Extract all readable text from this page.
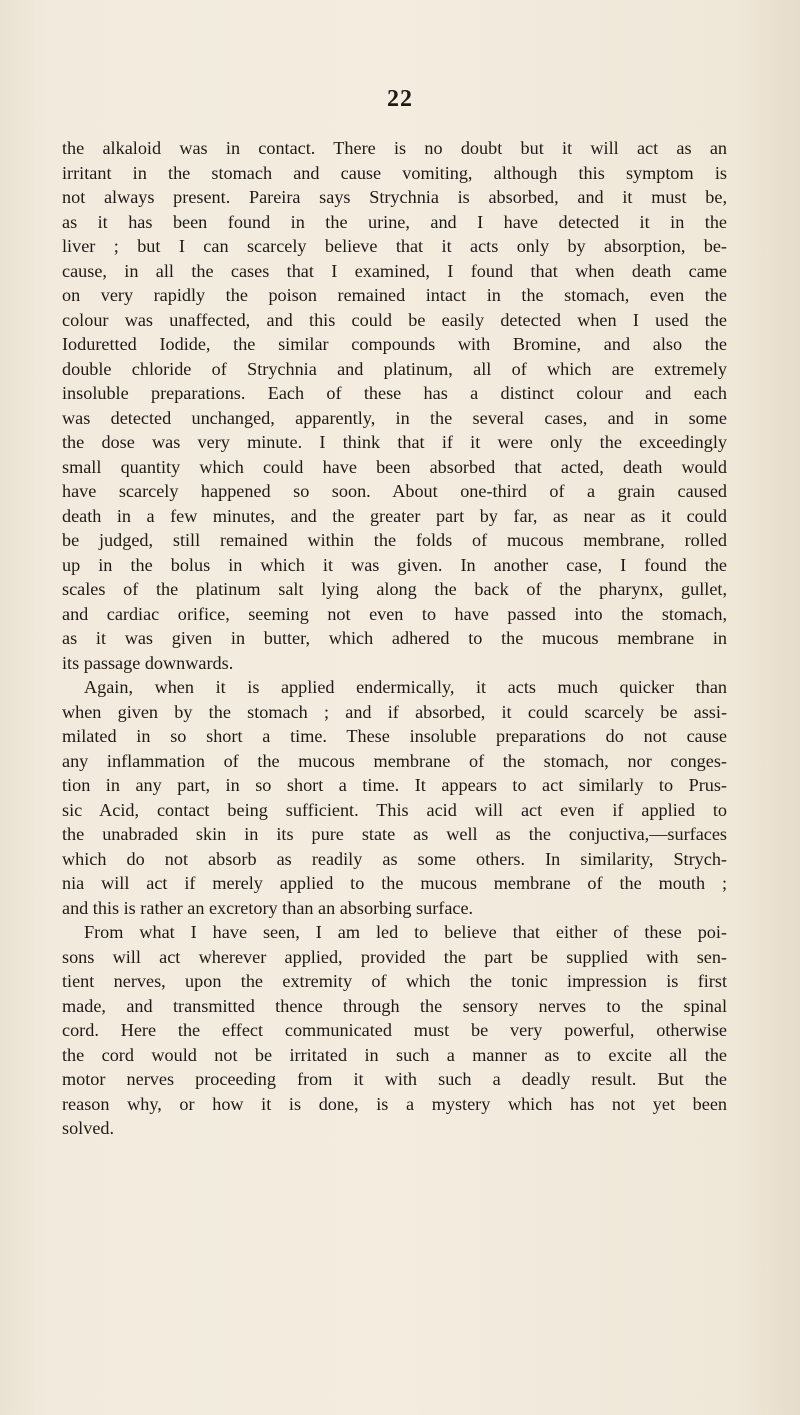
22
the alkaloid was in contact. There is no doubt but it will act as an
irritant in the stomach and cause vomiting, although this symptom is
not always present. Pareira says Strychnia is absorbed, and it must be,
as it has been found in the urine, and I have detected it in the
liver ; but I can scarcely believe that it acts only by absorption, be-
cause, in all the cases that I examined, I found that when death came
on very rapidly the poison remained intact in the stomach, even the
colour was unaffected, and this could be easily detected when I used the
Ioduretted Iodide, the similar compounds with Bromine, and also the
double chloride of Strychnia and platinum, all of which are extremely
insoluble preparations. Each of these has a distinct colour and each
was detected unchanged, apparently, in the several cases, and in some
the dose was very minute. I think that if it were only the exceedingly
small quantity which could have been absorbed that acted, death would
have scarcely happened so soon. About one-third of a grain caused
death in a few minutes, and the greater part by far, as near as it could
be judged, still remained within the folds of mucous membrane, rolled
up in the bolus in which it was given. In another case, I found the
scales of the platinum salt lying along the back of the pharynx, gullet,
and cardiac orifice, seeming not even to have passed into the stomach,
as it was given in butter, which adhered to the mucous membrane in
its passage downwards.
Again, when it is applied endermically, it acts much quicker than
when given by the stomach ; and if absorbed, it could scarcely be assi-
milated in so short a time. These insoluble preparations do not cause
any inflammation of the mucous membrane of the stomach, nor conges-
tion in any part, in so short a time. It appears to act similarly to Prus-
sic Acid, contact being sufficient. This acid will act even if applied to
the unabraded skin in its pure state as well as the conjuctiva,—surfaces
which do not absorb as readily as some others. In similarity, Strych-
nia will act if merely applied to the mucous membrane of the mouth ;
and this is rather an excretory than an absorbing surface.
From what I have seen, I am led to believe that either of these poi-
sons will act wherever applied, provided the part be supplied with sen-
tient nerves, upon the extremity of which the tonic impression is first
made, and transmitted thence through the sensory nerves to the spinal
cord. Here the effect communicated must be very powerful, otherwise
the cord would not be irritated in such a manner as to excite all the
motor nerves proceeding from it with such a deadly result. But the
reason why, or how it is done, is a mystery which has not yet been
solved.
